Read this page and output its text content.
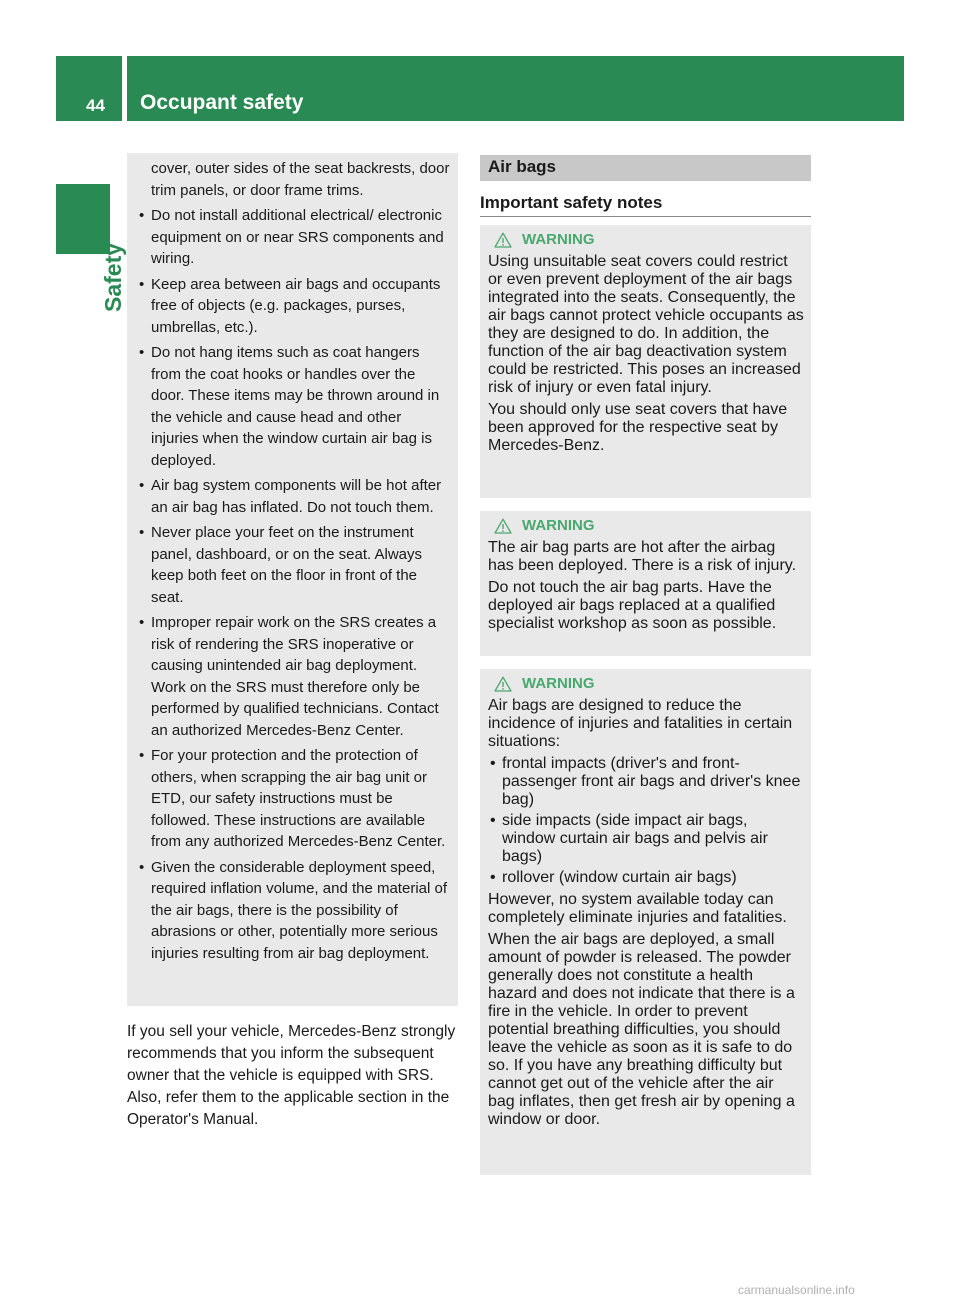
44 Occupant safety
Safety

cover, outer sides of the seat backrests, door trim panels, or door frame trims.

• Do not install additional electrical/ electronic equipment on or near SRS components and wiring.
• Keep area between air bags and occupants free of objects (e.g. packages, purses, umbrellas, etc.).
• Do not hang items such as coat hangers from the coat hooks or handles over the door. These items may be thrown around in the vehicle and cause head and other injuries when the window curtain air bag is deployed.
• Air bag system components will be hot after an air bag has inflated. Do not touch them.
• Never place your feet on the instrument panel, dashboard, or on the seat. Always keep both feet on the floor in front of the seat.
• Improper repair work on the SRS creates a risk of rendering the SRS inoperative or causing unintended air bag deployment. Work on the SRS must therefore only be performed by qualified technicians. Contact an authorized Mercedes-Benz Center.
• For your protection and the protection of others, when scrapping the air bag unit or ETD, our safety instructions must be followed. These instructions are available from any authorized Mercedes-Benz Center.
• Given the considerable deployment speed, required inflation volume, and the material of the air bags, there is the possibility of abrasions or other, potentially more serious injuries resulting from air bag deployment.

If you sell your vehicle, Mercedes-Benz strongly recommends that you inform the subsequent owner that the vehicle is equipped with SRS. Also, refer them to the applicable section in the Operator's Manual.

Air bags
Important safety notes
WARNING

Using unsuitable seat covers could restrict or even prevent deployment of the air bags integrated into the seats. Consequently, the air bags cannot protect vehicle occupants as they are designed to do. In addition, the function of the air bag deactivation system could be restricted. This poses an increased risk of injury or even fatal injury.

You should only use seat covers that have been approved for the respective seat by Mercedes-Benz.

WARNING

The air bag parts are hot after the airbag has been deployed. There is a risk of injury.

Do not touch the air bag parts. Have the deployed air bags replaced at a qualified specialist workshop as soon as possible.

WARNING

Air bags are designed to reduce the incidence of injuries and fatalities in certain situations:

• frontal impacts (driver's and front-passenger front air bags and driver's knee bag)
• side impacts (side impact air bags, window curtain air bags and pelvis air bags)
• rollover (window curtain air bags)

However, no system available today can completely eliminate injuries and fatalities.

When the air bags are deployed, a small amount of powder is released. The powder generally does not constitute a health hazard and does not indicate that there is a fire in the vehicle. In order to prevent potential breathing difficulties, you should leave the vehicle as soon as it is safe to do so. If you have any breathing difficulty but cannot get out of the vehicle after the air bag inflates, then get fresh air by opening a window or door.

carmanualsonline.info
